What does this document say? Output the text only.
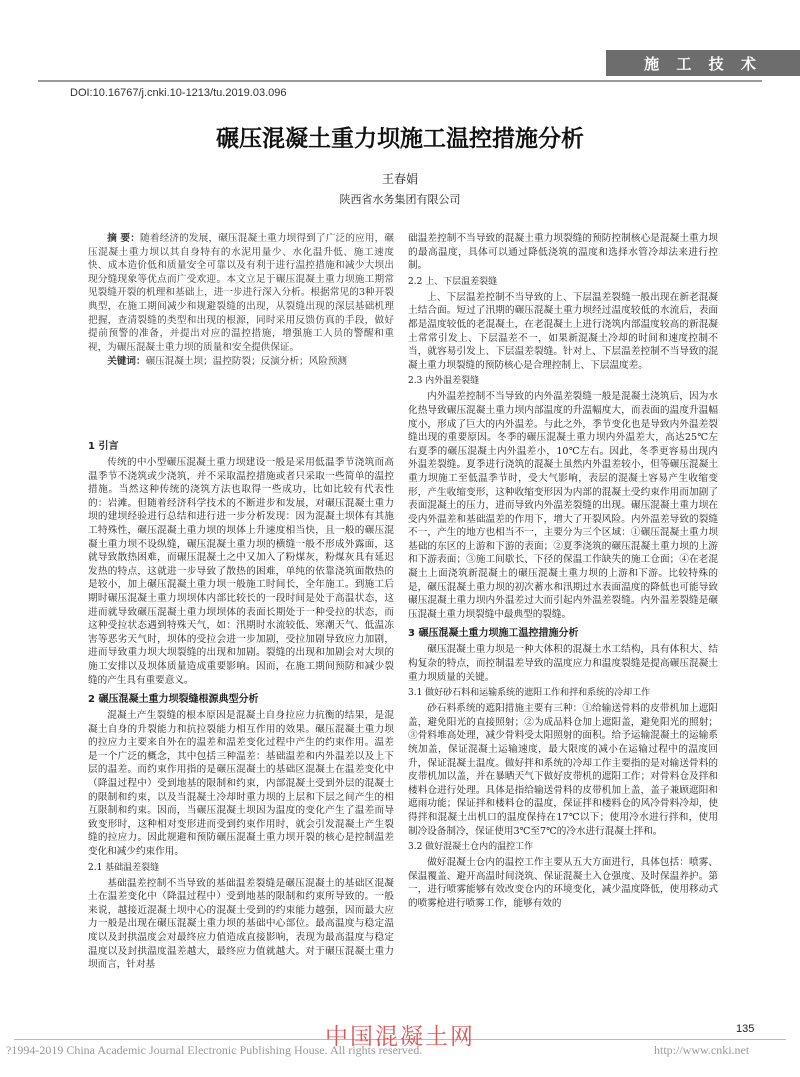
施 工 技 术
DOI:10.16767/j.cnki.10-1213/tu.2019.03.096
碾压混凝土重力坝施工温控措施分析
王春娟
陕西省水务集团有限公司

摘 要：随着经济的发展，碾压混凝土重力坝得到了广泛的应用，碾压混凝土重力坝以其自身特有的水泥用量少、水化温升低、施工速度快、成本造价低和质量安全可靠以及有利于进行温控措施和减少大坝出现分缝现象等优点而广受欢迎。本文立足于碾压混凝土重力坝施工期常见裂缝开裂的机理和基础上，进一步进行深入分析。根据常见的3种开裂典型，在施工期间减少和规避裂缝的出现，从裂缝出现的深层基础机理把握，查清裂缝的类型和出现的根源，同时采用反馈仿真的手段，做好提前预警的准备，并提出对应的温控措施，增强施工人员的警醒和重视，为碾压混凝土重力坝的质量和安全提供保证。

关键词：碾压混凝土坝；温控防裂；反演分析；风险预测

1 引言

传统的中小型碾压混凝土重力坝建设一般是采用低温季节浇筑而高温季节不浇筑或少浇筑，并不采取温控措施或者只采取一些简单的温控措施。当然这种传统的浇筑方法也取得一些成功，比如比较有代表性的：岩滩。但随着经济科学技术的不断进步和发展，对碾压混凝土重力坝的建坝经验进行总结和进行进一步分析发现：因为混凝土坝体有其施工特殊性，碾压混凝土重力坝的坝体上升速度相当快，且一般的碾压混凝土重力坝不设纵缝，碾压混凝土重力坝的横缝一般不形成外露面，这就导致散热困难，而碾压混凝土之中又加入了粉煤灰，粉煤灰具有延迟发热的特点，这就进一步导致了散热的困难，单纯的依靠浇筑面散热的是较小，加上碾压混凝土重力坝一般施工时间长，全年施工。到施工后期时碾压混凝土重力坝坝体内部比较长的一段时间是处于高温状态，这进而就导致碾压混凝土重力坝坝体的表面长期处于一种受拉的状态，而这种受拉状态遇到特殊天气，如：汛期时水流较低、寒潮天气、低温冻害等恶劣天气时，坝体的受拉会进一步加剧，受拉加剧导致应力加剧，进而导致重力坝大坝裂缝的出现和加剧。裂缝的出现和加剧会对大坝的施工安排以及坝体质量造成重要影响。因而，在施工期间预防和减少裂缝的产生具有重要意义。

2 碾压混凝土重力坝裂缝根源典型分析

混凝土产生裂缝的根本原因是混凝土自身拉应力抗衡的结果，是混凝土自身的升裂能力和抗拉裂能力相互作用的效果。碾压混凝土重力坝的拉应力主要来自外在的温差和温差变化过程中产生的约束作用。温差是一个广泛的概念，其中包括三种温差：基础温差和内外温差以及上下层的温差。而约束作用指的是碾压混凝土的基础区混凝土在温差变化中（降温过程中）受到地基的限制和约束，内部混凝土受到外层的混凝土的限制和约束，以及当混凝土冷却时重力坝的上层和下层之间产生的相互限制和约束。因而，当碾压混凝土坝因为温度的变化产生了温差而导致变形时，这种相对变形进而受到约束作用时，就会引发混凝土产生裂缝的拉应力。因此规避和预防碾压混凝土重力坝开裂的核心是控制温差变化和减少约束作用。

2.1 基础温差裂缝

基础温差控制不当导致的基础温差裂缝是碾压混凝土的基础区混凝土在温差变化中（降温过程中）受到地基的限制和约束所导致的。一般来说，越接近混凝土坝中心的混凝土受到的约束能力越强，因而最大应力一般是出现在碾压混凝土重力坝的基础中心部位。最高温度与稳定温度以及封拱温度会对最终应力值造成直接影响，表现为最高温度与稳定温度以及封拱温度温差越大，最终应力值就越大。对于碾压混凝土重力坝而言，针对基

础温差控制不当导致的混凝土重力坝裂缝的预防控制核心是混凝土重力坝的最高温度，具体可以通过降低浇筑的温度和选择水管冷却法来进行控制。

2.2 上、下层温差裂缝

上、下层温差控制不当导致的上、下层温差裂缝一般出现在新老混凝土结合面。短过了汛期的碾压混凝土重力坝经过温度较低的水流后，表面都是温度较低的老混凝土，在老混凝土上进行浇筑内部温度较高的新混凝土常常引发上、下层温差不一，如果新混凝土冷却的时间和速度控制不当，就容易引发上、下层温差裂缝。针对上、下层温差控制不当导致的混凝土重力坝裂缝的预防核心是合理控制上、下层温度差。

2.3 内外温差裂缝

内外温差控制不当导致的内外温差裂缝一般是混凝土浇筑后，因为水化热导致碾压混凝土重力坝内部温度的升温幅度大，而表面的温度升温幅度小，形成了巨大的内外温差。与此之外，季节变化也是导致内外温差裂缝出现的重要原因。冬季的碾压混凝土重力坝内外温差大，高达25℃左右夏季的碾压混凝土内外温差小，10℃左右。因此，冬季更容易出现内外温差裂缝。夏季进行浇筑的混凝土虽然内外温差较小，但等碾压混凝土重力坝施工至低温季节时，受大气影响，表层的混凝土容易产生收缩变形，产生收缩变形，这种收缩变形因为内部的混凝土受约束作用而加剧了表面混凝土的压力，进而导致内外温差裂缝的出现。碾压混凝土重力坝在受内外温差和基础温差的作用下，增大了开裂风险。内外温差导致的裂缝不一，产生的地方也相当不一，主要分为三个区域：①碾压混凝土重力坝基础的东区的上游和下游的表面；②夏季浇筑的碾压混凝土重力坝的上游和下游表面；③施工间歇长、下径的保温工作缺失的施工仓面；④在老混凝土上面浇筑新混凝土的碾压混凝土重力坝的上游和下游。比较特殊的是，碾压混凝土重力坝的初次蓄水和汛期过水表面温度的降低也可能导致碾压混凝土重力坝内外温差过大而引起内外温差裂缝。内外温差裂缝是碾压混凝土重力坝裂缝中最典型的裂缝。

3 碾压混凝土重力坝施工温控措施分析

碾压混凝土重力坝是一种大体积的混凝土水工结构，具有体积大、结构复杂的特点，而控制温差导致的温度应力和温度裂缝是提高碾压混凝土重力坝质量的关键。

3.1 做好砂石料和运输系统的遮阳工作和拌和系统的冷却工作

砂石料系统的遮阳措施主要有三种：①给输送骨料的皮带机加上遮阳盖，避免阳光的直接照射；②为成品料仓加上遮阳盖，避免阳光的照射；③骨料堆高处理，减少骨料受太阳照射的面积。给予运输混凝土的运输系统加盖，保证混凝土运输速度，最大限度的减小在运输过程中的温度回升，保证混凝土温度。做好拌和系统的冷却工作主要指的是对输送骨料的皮带机加以盖，并在暴晒天气下做好皮带机的遮阳工作；对骨料仓及拌和楼料仓进行处理。具体是指给输送骨料的皮带机加上盖，盖子兼顾遮阳和遮雨功能；保证拌和楼料仓的温度，保证拌和楼料仓的风冷骨料冷却，使得拌和混凝土出机口的温度保持在17℃以下；使用冷水进行拌和，使用制冷设备制冷，保证使用3℃至7℃的冷水进行混凝土拌和。

3.2 做好混凝土仓内的温控工作

做好混凝土仓内的温控工作主要从五大方面进行，具体包括：喷雾、保温覆盖、避开高温时间浇筑、保证混凝土入仓强度、及时保温养护。第一，进行喷雾能够有效改变仓内的环境变化，减少温度降低，使用移动式的喷雾枪进行喷雾工作，能够有效的

135
中国混凝土网
?1994-2019 China Academic Journal Electronic Publishing House. All rights reserved.	http://www.cnki.net
